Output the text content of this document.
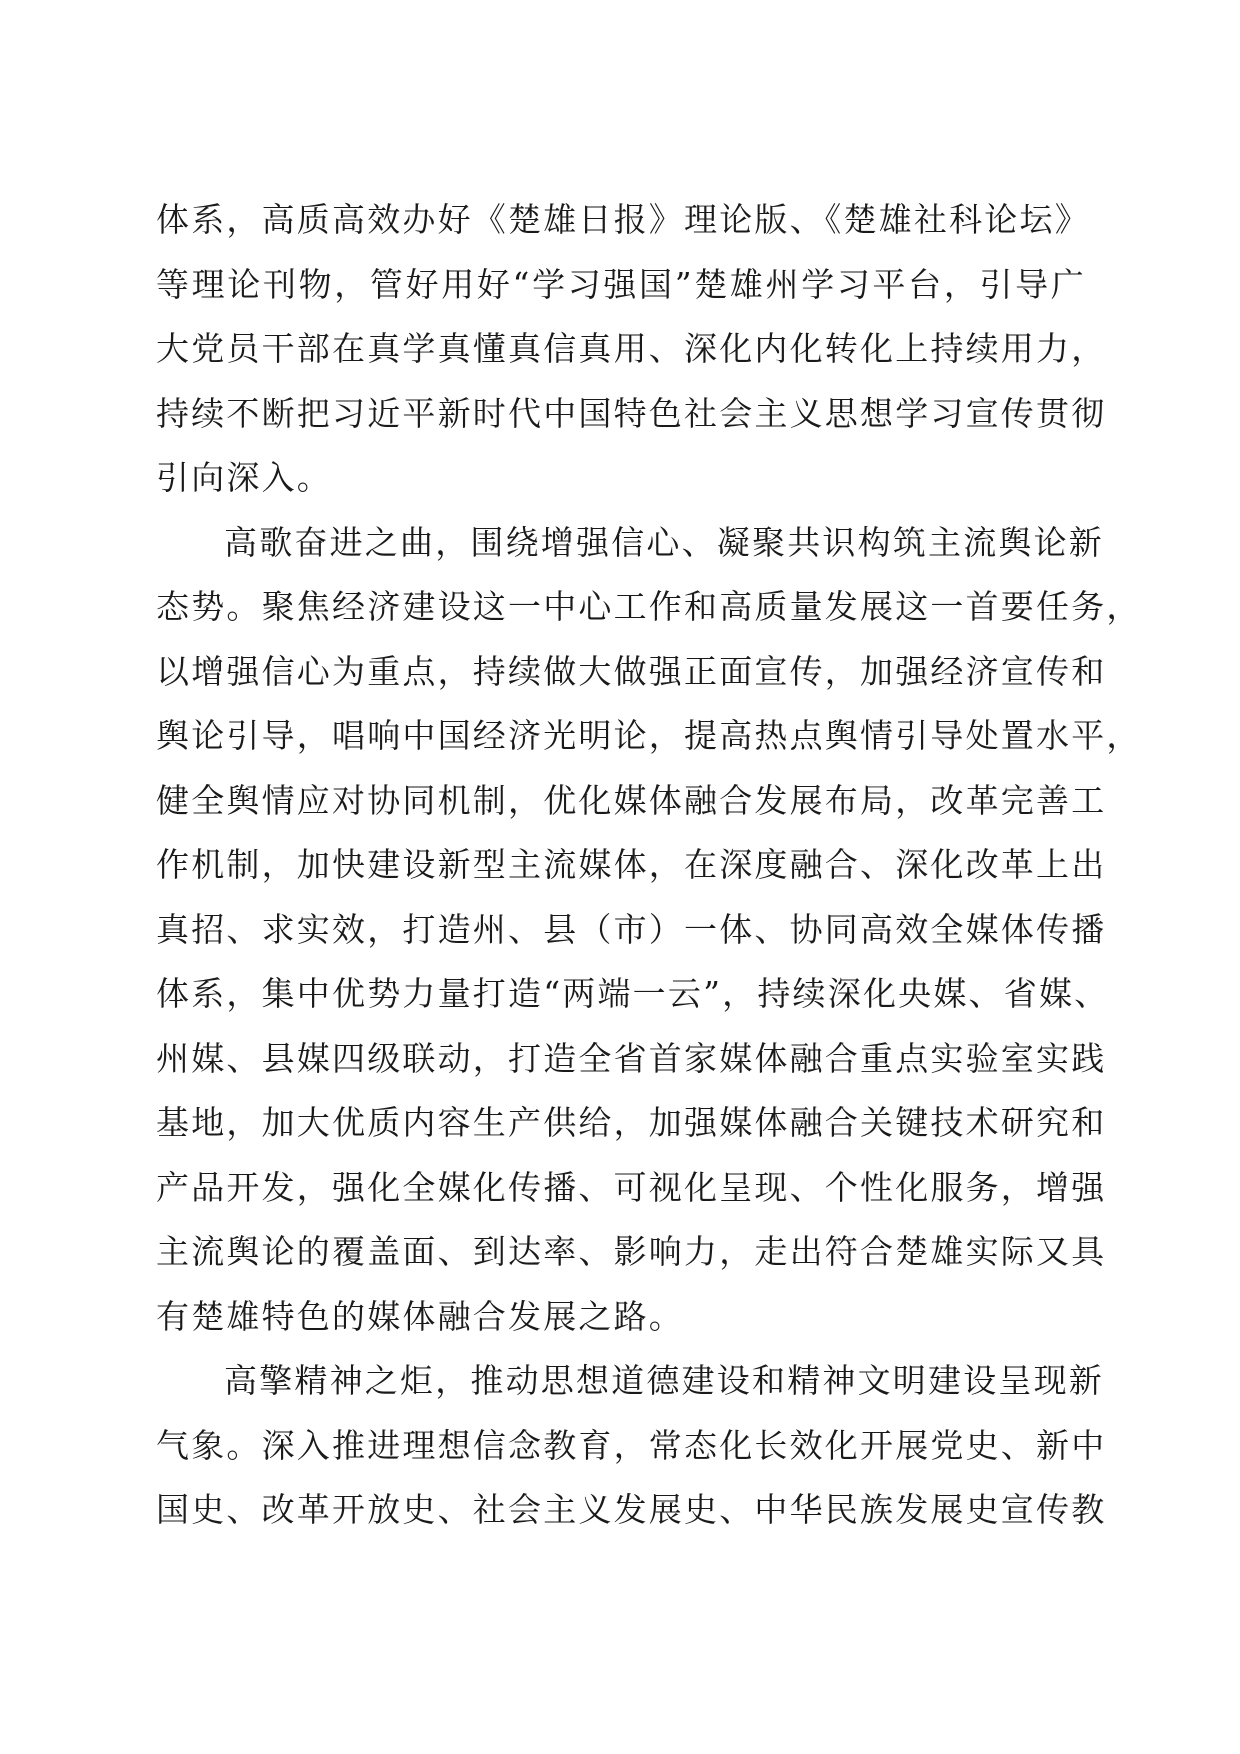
体系，高质高效办好《楚雄日报》理论版、《楚雄社科论坛》
等理论刊物，管好用好“学习强国”楚雄州学习平台，引导广
大党员干部在真学真懂真信真用、深化内化转化上持续用力，
持续不断把习近平新时代中国特色社会主义思想学习宣传贯彻
引向深入。
高歌奋进之曲，围绕增强信心、凝聚共识构筑主流舆论新
态势。聚焦经济建设这一中心工作和高质量发展这一首要任务，
以增强信心为重点，持续做大做强正面宣传，加强经济宣传和
舆论引导，唱响中国经济光明论，提高热点舆情引导处置水平，
健全舆情应对协同机制，优化媒体融合发展布局，改革完善工
作机制，加快建设新型主流媒体，在深度融合、深化改革上出
真招、求实效，打造州、县（市）一体、协同高效全媒体传播
体系，集中优势力量打造“两端一云”，持续深化央媒、省媒、
州媒、县媒四级联动，打造全省首家媒体融合重点实验室实践
基地，加大优质内容生产供给，加强媒体融合关键技术研究和
产品开发，强化全媒化传播、可视化呈现、个性化服务，增强
主流舆论的覆盖面、到达率、影响力，走出符合楚雄实际又具
有楚雄特色的媒体融合发展之路。
高擎精神之炬，推动思想道德建设和精神文明建设呈现新
气象。深入推进理想信念教育，常态化长效化开展党史、新中
国史、改革开放史、社会主义发展史、中华民族发展史宣传教
